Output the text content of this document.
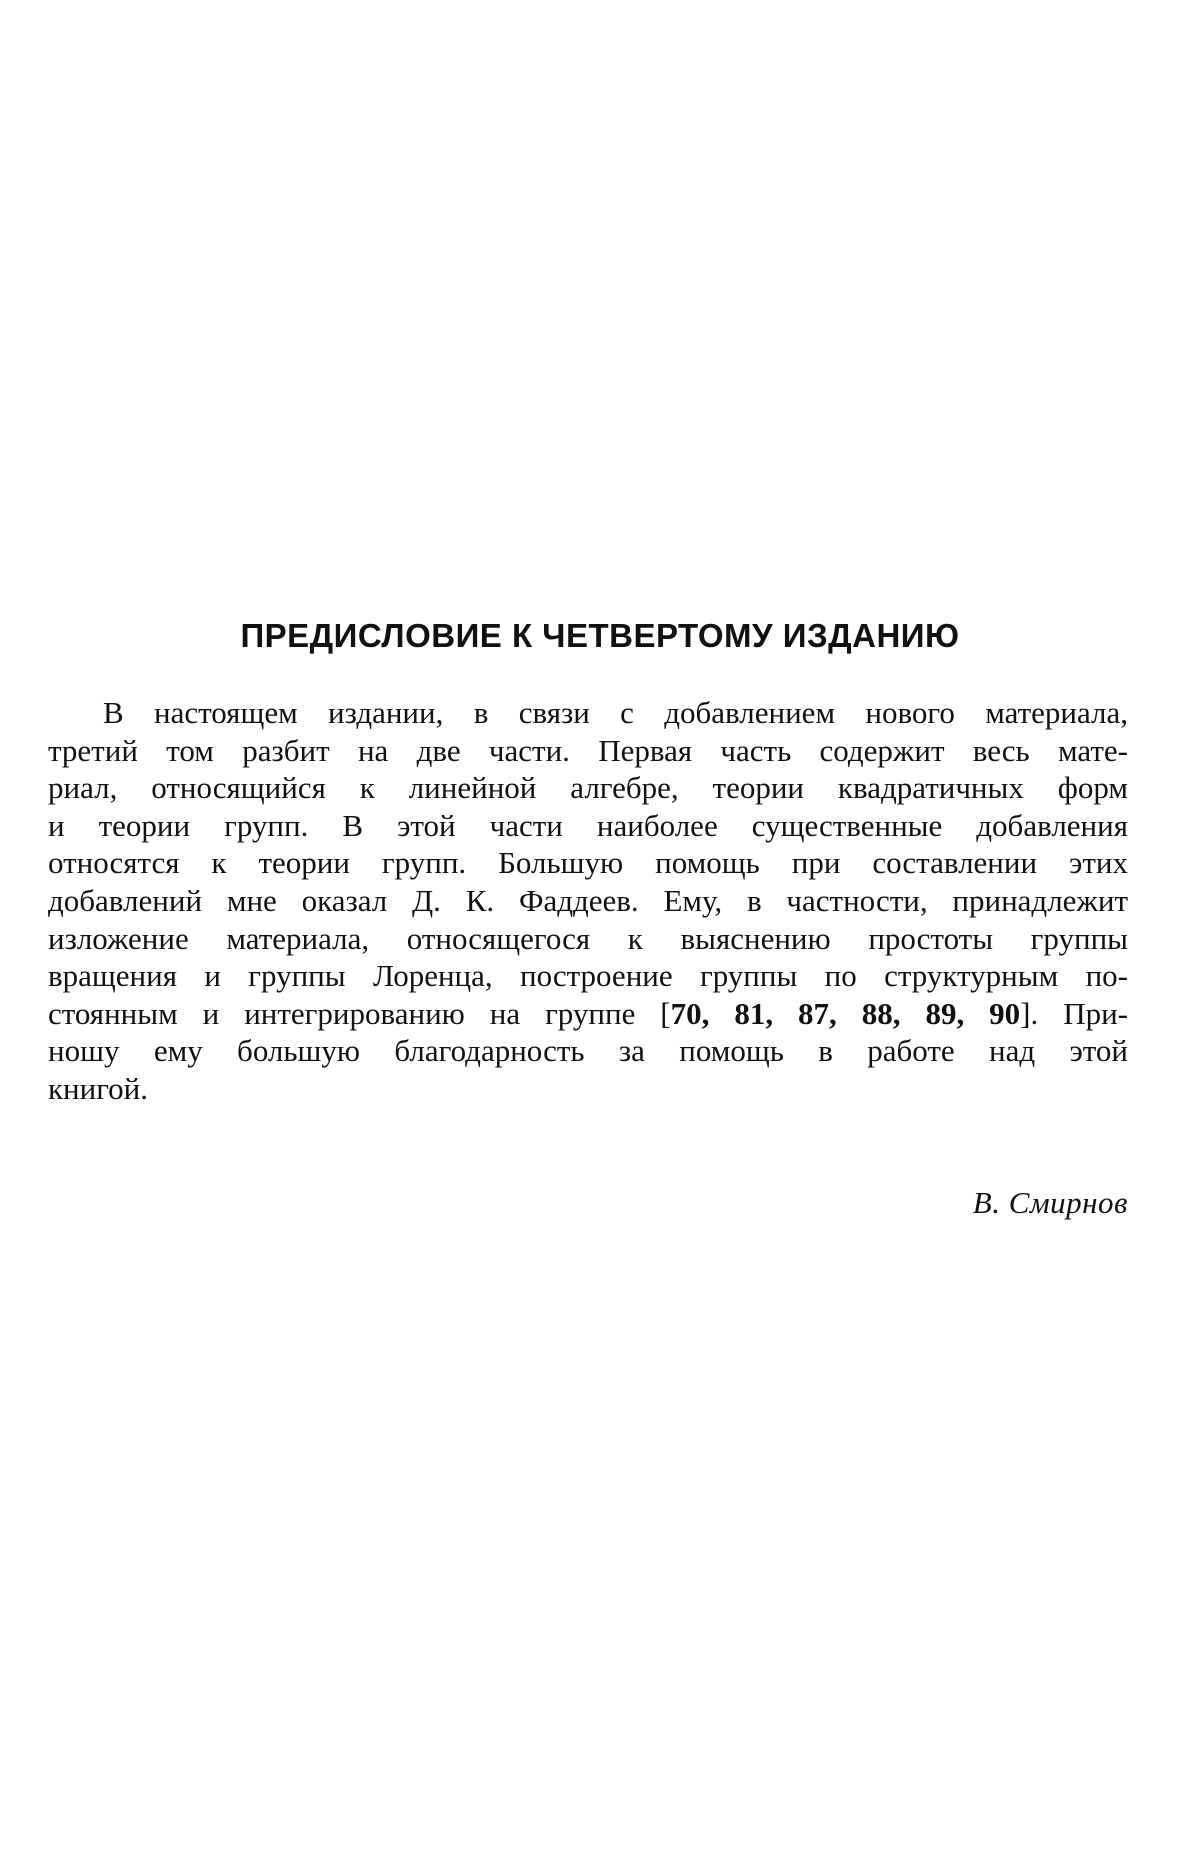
ПРЕДИСЛОВИЕ К ЧЕТВЕРТОМУ ИЗДАНИЮ
В настоящем издании, в связи с добавлением нового материала,
третий том разбит на две части. Первая часть содержит весь мате-
риал, относящийся к линейной алгебре, теории квадратичных форм
и теории групп. В этой части наиболее существенные добавления
относятся к теории групп. Большую помощь при составлении этих
добавлений мне оказал Д. К. Фаддеев. Ему, в частности, принадлежит
изложение материала, относящегося к выяснению простоты группы
вращения и группы Лоренца, построение группы по структурным по-
стоянным и интегрированию на группе [70, 81, 87, 88, 89, 90]. При-
ношу ему большую благодарность за помощь в работе над этой
книгой.
В. Смирнов
